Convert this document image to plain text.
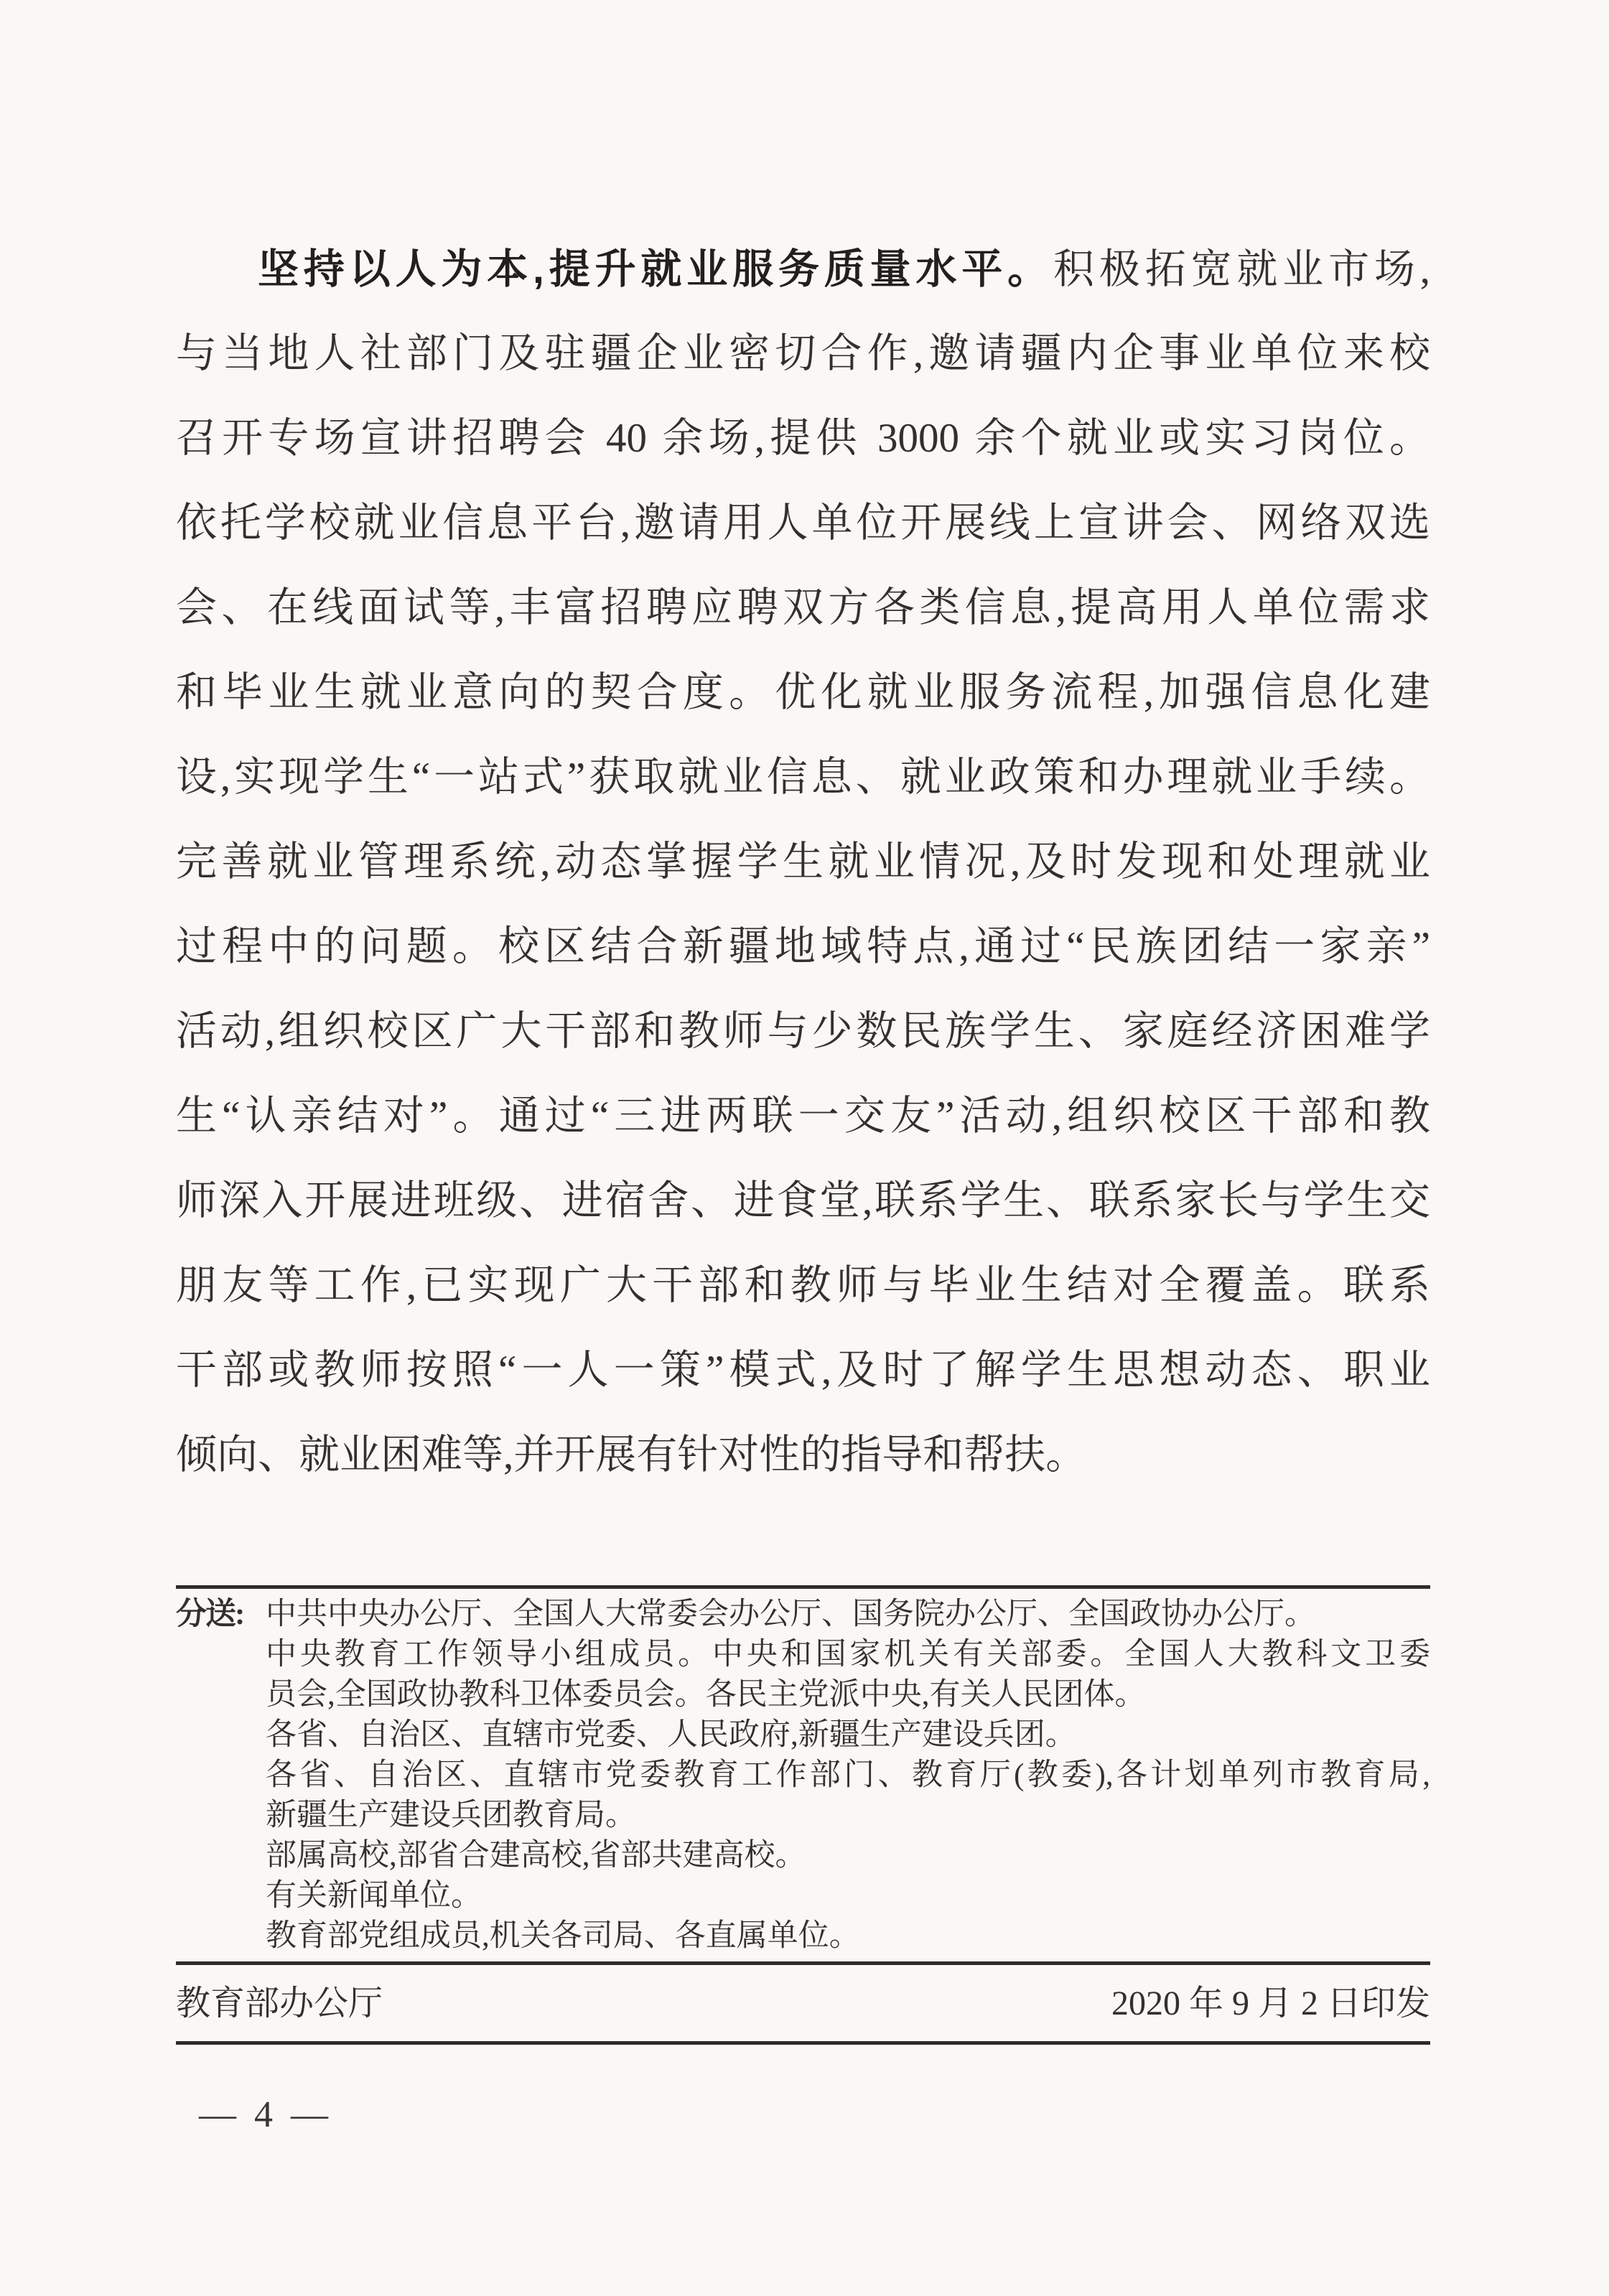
坚持以人为本,提升就业服务质量水平。积极拓宽就业市场,
与当地人社部门及驻疆企业密切合作,邀请疆内企事业单位来校
召开专场宣讲招聘会 40 余场,提供 3000 余个就业或实习岗位。
依托学校就业信息平台,邀请用人单位开展线上宣讲会、网络双选
会、在线面试等,丰富招聘应聘双方各类信息,提高用人单位需求
和毕业生就业意向的契合度。优化就业服务流程,加强信息化建
设,实现学生“一站式”获取就业信息、就业政策和办理就业手续。
完善就业管理系统,动态掌握学生就业情况,及时发现和处理就业
过程中的问题。校区结合新疆地域特点,通过“民族团结一家亲”
活动,组织校区广大干部和教师与少数民族学生、家庭经济困难学
生“认亲结对”。通过“三进两联一交友”活动,组织校区干部和教
师深入开展进班级、进宿舍、进食堂,联系学生、联系家长与学生交
朋友等工作,已实现广大干部和教师与毕业生结对全覆盖。联系
干部或教师按照“一人一策”模式,及时了解学生思想动态、职业
倾向、就业困难等,并开展有针对性的指导和帮扶。
分送: 中共中央办公厅、全国人大常委会办公厅、国务院办公厅、全国政协办公厅。
中央教育工作领导小组成员。中央和国家机关有关部委。全国人大教科文卫委
员会,全国政协教科卫体委员会。各民主党派中央,有关人民团体。
各省、自治区、直辖市党委、人民政府,新疆生产建设兵团。
各省、自治区、直辖市党委教育工作部门、教育厅(教委),各计划单列市教育局,
新疆生产建设兵团教育局。
部属高校,部省合建高校,省部共建高校。
有关新闻单位。
教育部党组成员,机关各司局、各直属单位。
教育部办公厅	2020 年 9 月 2 日印发
— 4 —
